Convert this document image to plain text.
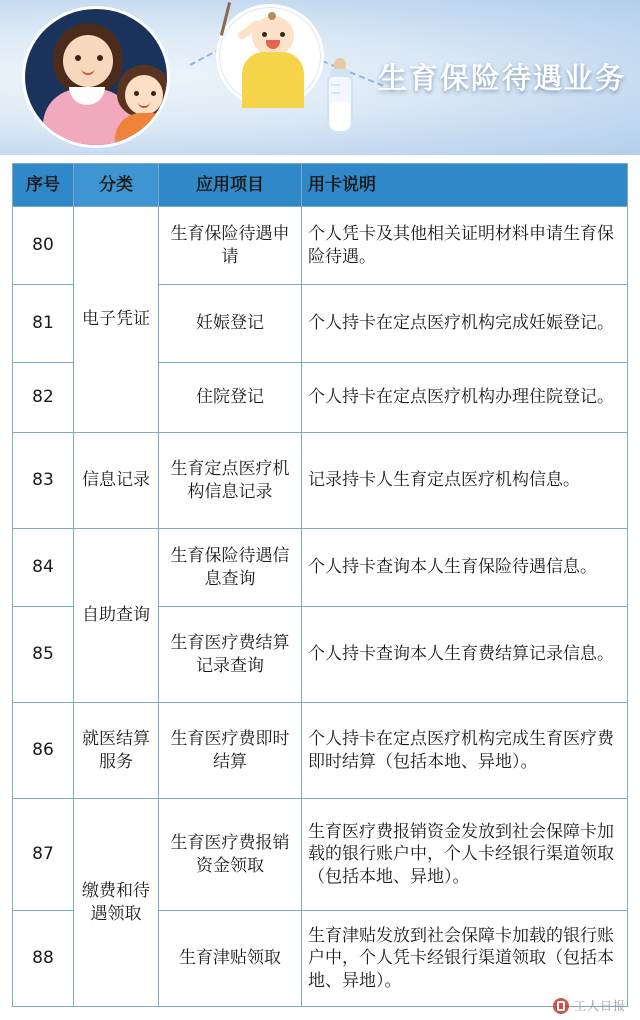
生育保险待遇业务
序号	分类	应用项目	用卡说明
80	电子凭证	生育保险待遇申请	个人凭卡及其他相关证明材料申请生育保险待遇。
81		妊娠登记	个人持卡在定点医疗机构完成妊娠登记。
82		住院登记	个人持卡在定点医疗机构办理住院登记。
83	信息记录	生育定点医疗机构信息记录	记录持卡人生育定点医疗机构信息。
84	自助查询	生育保险待遇信息查询	个人持卡查询本人生育保险待遇信息。
85		生育医疗费结算记录查询	个人持卡查询本人生育费结算记录信息。
86	就医结算服务	生育医疗费即时结算	个人持卡在定点医疗机构完成生育医疗费即时结算（包括本地、异地）。
87	缴费和待遇领取	生育医疗费报销资金领取	生育医疗费报销资金发放到社会保障卡加载的银行账户中，个人卡经银行渠道领取（包括本地、异地）。
88		生育津贴领取	生育津贴发放到社会保障卡加载的银行账户中，个人凭卡经银行渠道领取（包括本地、异地）。
工人日报
